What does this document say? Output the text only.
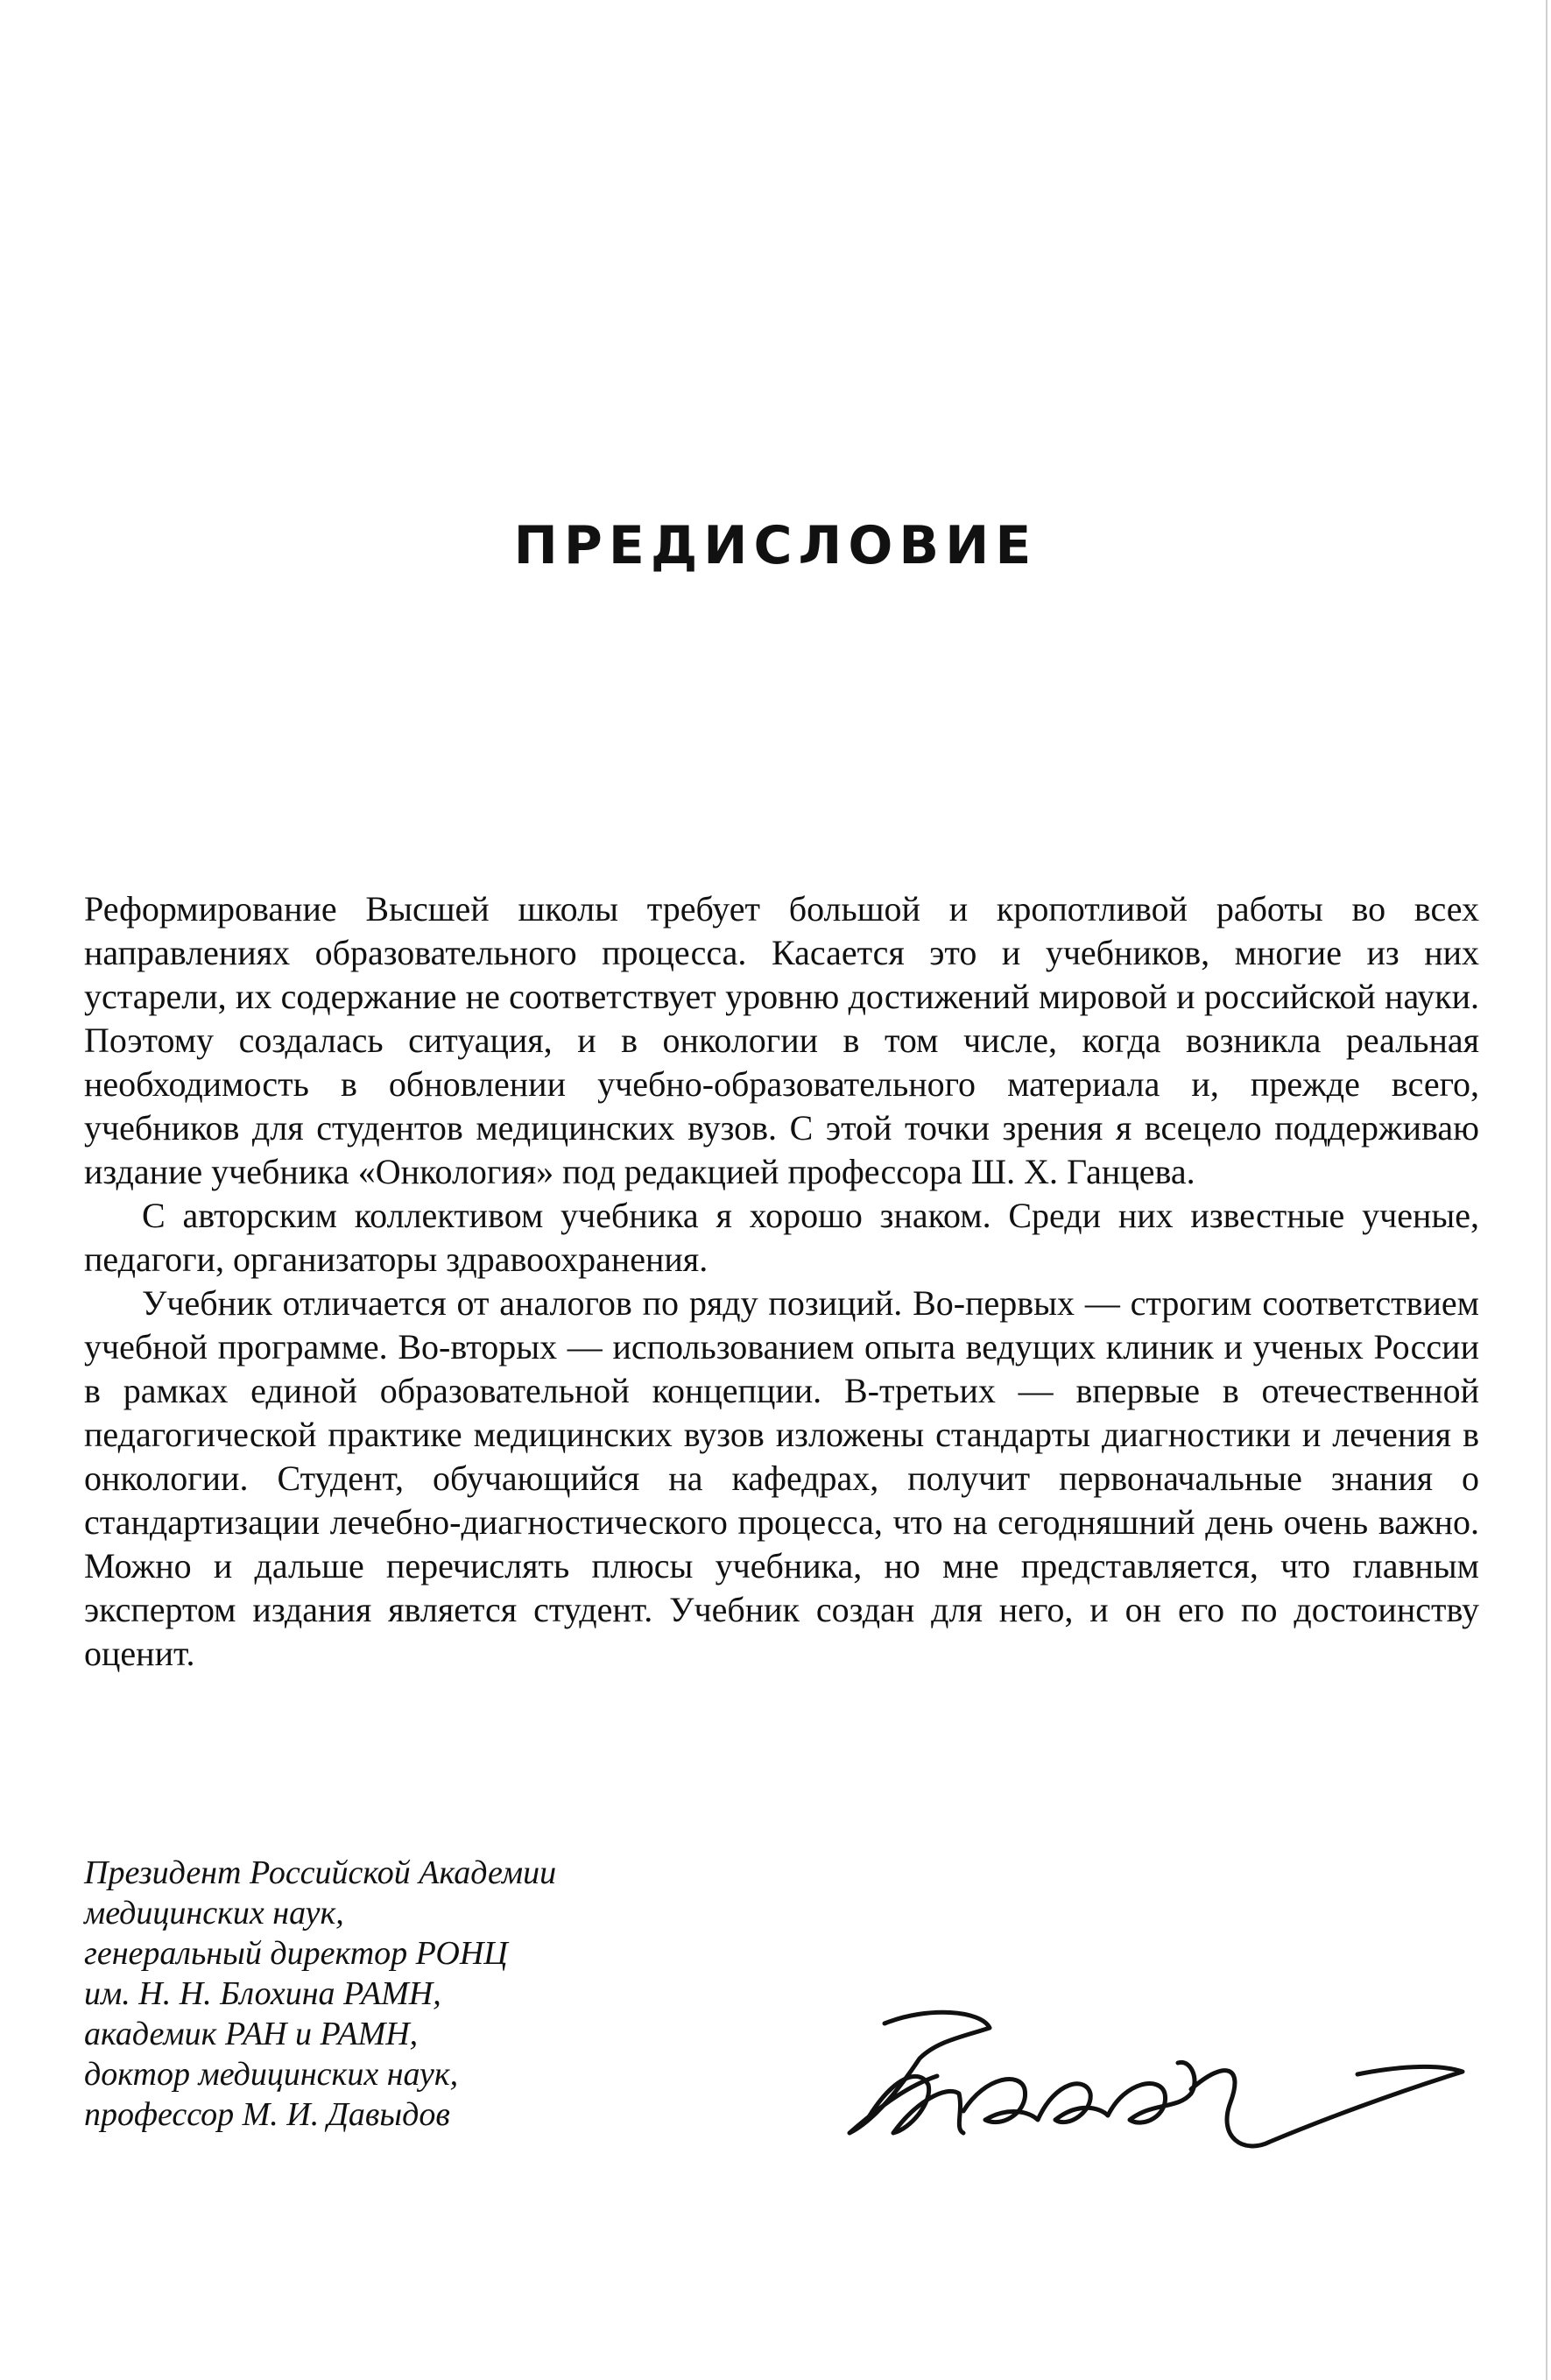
ПРЕДИСЛОВИЕ

Реформирование Высшей школы требует большой и кропотливой работы во всех направлениях образовательного процесса. Касается это и учебников, многие из них устарели, их содержание не соответствует уровню достижений мировой и российской науки. Поэтому создалась ситуация, и в онкологии в том числе, когда возникла реальная необходимость в обновлении учебно-образовательного материала и, прежде всего, учебников для студентов медицинских вузов. С этой точки зрения я всецело поддерживаю издание учебника «Онкология» под редакцией профессора Ш. Х. Ганцева.

С авторским коллективом учебника я хорошо знаком. Среди них известные ученые, педагоги, организаторы здравоохранения.

Учебник отличается от аналогов по ряду позиций. Во-первых — строгим соответствием учебной программе. Во-вторых — использованием опыта ведущих клиник и ученых России в рамках единой образовательной концепции. В-третьих — впервые в отечественной педагогической практике медицинских вузов изложены стандарты диагностики и лечения в онкологии. Студент, обучающийся на кафедрах, получит первоначальные знания о стандартизации лечебно-диагностического процесса, что на сегодняшний день очень важно. Можно и дальше перечислять плюсы учебника, но мне представляется, что главным экспертом издания является студент. Учебник создан для него, и он его по достоинству оценит.

Президент Российской Академии
медицинских наук,
генеральный директор РОНЦ
им. Н. Н. Блохина РАМН,
академик РАН и РАМН,
доктор медицинских наук,
профессор М. И. Давыдов
